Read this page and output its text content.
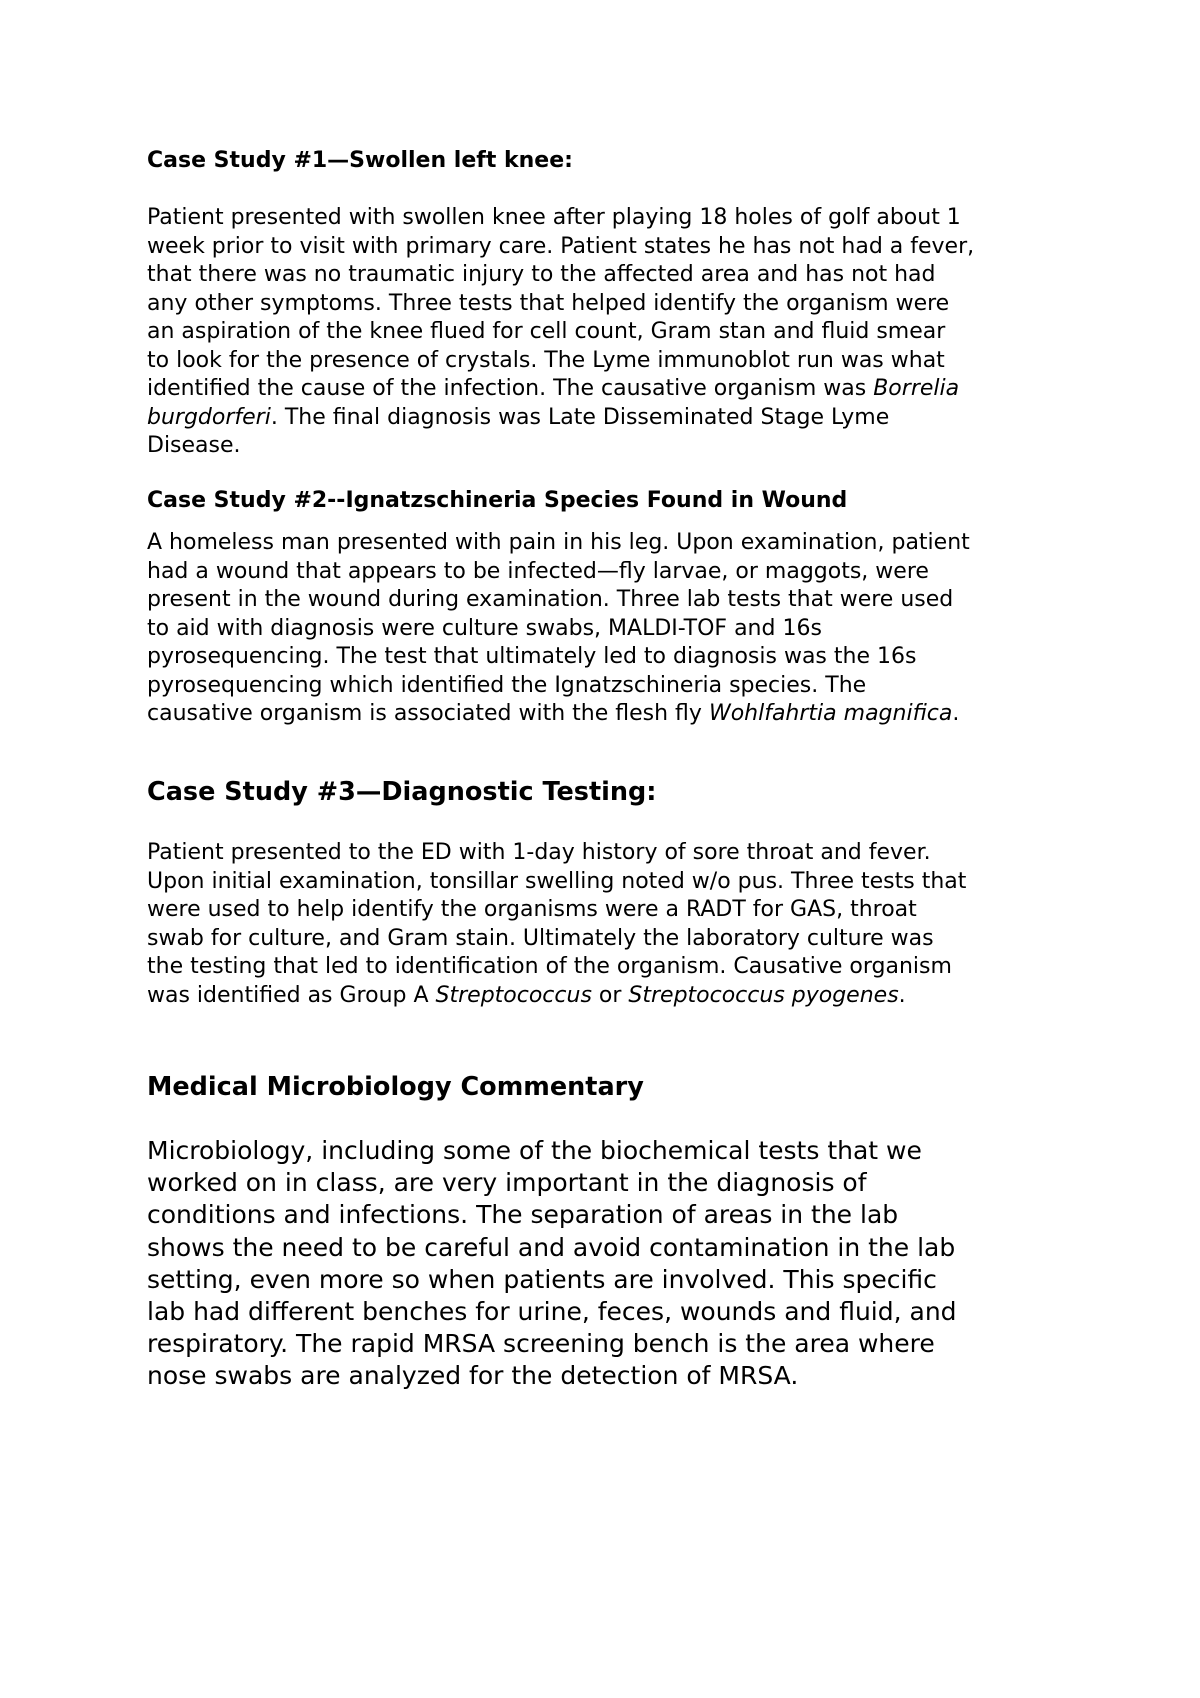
Case Study #1—Swollen left knee:
Patient presented with swollen knee after playing 18 holes of golf about 1
week prior to visit with primary care. Patient states he has not had a fever,
that there was no traumatic injury to the affected area and has not had
any other symptoms. Three tests that helped identify the organism were
an aspiration of the knee flued for cell count, Gram stan and fluid smear
to look for the presence of crystals. The Lyme immunoblot run was what
identified the cause of the infection. The causative organism was Borrelia
burgdorferi. The final diagnosis was Late Disseminated Stage Lyme
Disease.
Case Study #2--Ignatzschineria Species Found in Wound
A homeless man presented with pain in his leg. Upon examination, patient
had a wound that appears to be infected—fly larvae, or maggots, were
present in the wound during examination. Three lab tests that were used
to aid with diagnosis were culture swabs, MALDI-TOF and 16s
pyrosequencing. The test that ultimately led to diagnosis was the 16s
pyrosequencing which identified the Ignatzschineria species. The
causative organism is associated with the flesh fly Wohlfahrtia magnifica.
Case Study #3—Diagnostic Testing:
Patient presented to the ED with 1-day history of sore throat and fever.
Upon initial examination, tonsillar swelling noted w/o pus. Three tests that
were used to help identify the organisms were a RADT for GAS, throat
swab for culture, and Gram stain. Ultimately the laboratory culture was
the testing that led to identification of the organism. Causative organism
was identified as Group A Streptococcus or Streptococcus pyogenes.
Medical Microbiology Commentary
Microbiology, including some of the biochemical tests that we
worked on in class, are very important in the diagnosis of
conditions and infections. The separation of areas in the lab
shows the need to be careful and avoid contamination in the lab
setting, even more so when patients are involved. This specific
lab had different benches for urine, feces, wounds and fluid, and
respiratory. The rapid MRSA screening bench is the area where
nose swabs are analyzed for the detection of MRSA.
